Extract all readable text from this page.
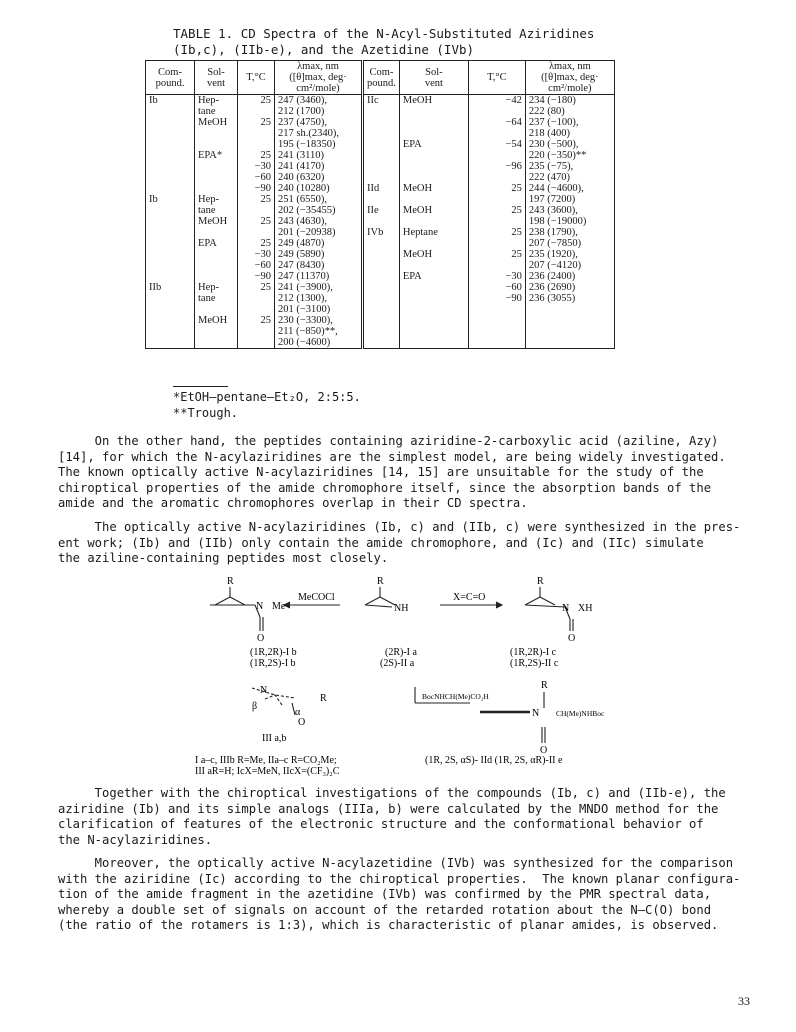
TABLE 1. CD Spectra of the N-Acyl-Substituted Aziridines
(Ib,c), (IIb-e), and the Azetidine (IVb)
Com-
pound.	Sol-
vent	T,°C	λmax, nm
([θ]max, deg·
cm²/mole)	Com-
pound.	Sol-
vent	T,°C	λmax, nm
([θ]max, deg·
cm²/mole)
Ib	Hep-	25	247 (3460),	IIc	MeOH	−42	234 (−180)
	tane		212 (1700)				222 (80)
	MeOH	25	237 (4750),			−64	237 (−100),
			217 sh.(2340),				218 (400)
			195 (−18350)		EPA	−54	230 (−500),
	EPA*	25	241 (3110)				220 (−350)**
		−30	241 (4170)			−96	235 (−75),
		−60	240 (6320)				222 (470)
		−90	240 (10280)	IId	MeOH	25	244 (−4600),
Ib	Hep-	25	251 (6550),				197 (7200)
	tane		202 (−35455)	IIe	MeOH	25	243 (3600),
	MeOH	25	243 (4630),				198 (−19000)
			201 (−20938)	IVb	Heptane	25	238 (1790),
	EPA	25	249 (4870)				207 (−7850)
		−30	249 (5890)		MeOH	25	235 (1920),
		−60	247 (8430)				207 (−4120)
		−90	247 (11370)		EPA	−30	236 (2400)
IIb	Hep-	25	241 (−3900),			−60	236 (2690)
	tane		212 (1300),			−90	236 (3055)
			201 (−3100)				
	MeOH	25	230 (−3300),				
			211 (−850)**,				
			200 (−4600)				
*EtOH—pentane—Et₂O, 2:5:5.
**Trough.
On the other hand, the peptides containing aziridine-2-carboxylic acid (aziline, Azy)
[14], for which the N-acylaziridines are the simplest model, are being widely investigated.
The known optically active N-acylaziridines [14, 15] are unsuitable for the study of the
chiroptical properties of the amide chromophore itself, since the absorption bands of the
amide and the aromatic chromophores overlap in their CD spectra.
The optically active N-acylaziridines (Ib, c) and (IIb, c) were synthesized in the pres-
ent work; (Ib) and (IIb) only contain the amide chromophore, and (Ic) and (IIc) simulate
the aziline-containing peptides most closely.
R
N Me
O
MeCOCl
R
NH
X=C=O
R
N XH
O
(1R,2R)-I b
(1R,2S)-I b
(2R)-I a
(2S)-II a
(1R,2R)-I c
(1R,2S)-II c
N
R
β
α
O
III a,b
BocNHCH(Me)CO₂H
R
N CH(Me)NHBoc
O
I a–c, IIIb R=Me, IIa–c R=CO₂Me;
III aR=H; IcX=MeN, IIcX=(CF₃)₂C
(1R, 2S, αS)- IId (1R, 2S, αR)-II e
Together with the chiroptical investigations of the compounds (Ib, c) and (IIb-e), the
aziridine (Ib) and its simple analogs (IIIa, b) were calculated by the MNDO method for the
clarification of features of the electronic structure and the conformational behavior of
the N-acylaziridines.
Moreover, the optically active N-acylazetidine (IVb) was synthesized for the comparison
with the aziridine (Ic) according to the chiroptical properties.  The known planar configura-
tion of the amide fragment in the azetidine (IVb) was confirmed by the PMR spectral data,
whereby a double set of signals on account of the retarded rotation about the N—C(O) bond
(the ratio of the rotamers is 1:3), which is characteristic of planar amides, is observed.
33
